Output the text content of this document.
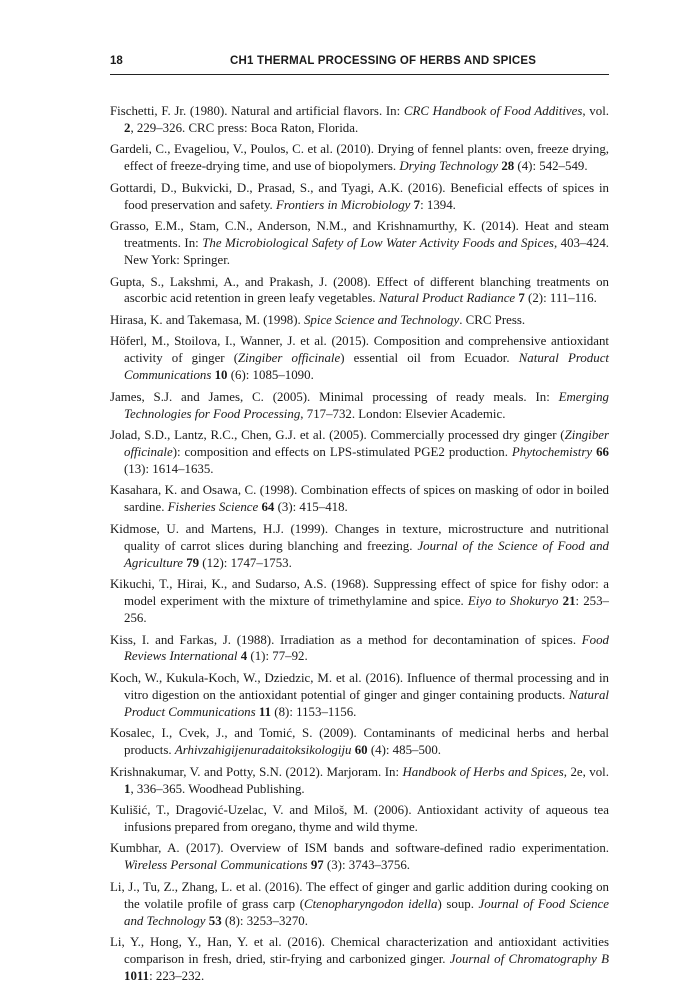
18	CH1 THERMAL PROCESSING OF HERBS AND SPICES

Fischetti, F. Jr. (1980). Natural and artificial flavors. In: CRC Handbook of Food Additives, vol. 2, 229–326. CRC press: Boca Raton, Florida.

Gardeli, C., Evageliou, V., Poulos, C. et al. (2010). Drying of fennel plants: oven, freeze drying, effect of freeze-drying time, and use of biopolymers. Drying Technology 28 (4): 542–549.

Gottardi, D., Bukvicki, D., Prasad, S., and Tyagi, A.K. (2016). Beneficial effects of spices in food preservation and safety. Frontiers in Microbiology 7: 1394.

Grasso, E.M., Stam, C.N., Anderson, N.M., and Krishnamurthy, K. (2014). Heat and steam treatments. In: The Microbiological Safety of Low Water Activity Foods and Spices, 403–424. New York: Springer.

Gupta, S., Lakshmi, A., and Prakash, J. (2008). Effect of different blanching treatments on ascorbic acid retention in green leafy vegetables. Natural Product Radiance 7 (2): 111–116.

Hirasa, K. and Takemasa, M. (1998). Spice Science and Technology. CRC Press.

Höferl, M., Stoilova, I., Wanner, J. et al. (2015). Composition and comprehensive antioxidant activity of ginger (Zingiber officinale) essential oil from Ecuador. Natural Product Communications 10 (6): 1085–1090.

James, S.J. and James, C. (2005). Minimal processing of ready meals. In: Emerging Technologies for Food Processing, 717–732. London: Elsevier Academic.

Jolad, S.D., Lantz, R.C., Chen, G.J. et al. (2005). Commercially processed dry ginger (Zingiber officinale): composition and effects on LPS-stimulated PGE2 production. Phytochemistry 66 (13): 1614–1635.

Kasahara, K. and Osawa, C. (1998). Combination effects of spices on masking of odor in boiled sardine. Fisheries Science 64 (3): 415–418.

Kidmose, U. and Martens, H.J. (1999). Changes in texture, microstructure and nutritional quality of carrot slices during blanching and freezing. Journal of the Science of Food and Agriculture 79 (12): 1747–1753.

Kikuchi, T., Hirai, K., and Sudarso, A.S. (1968). Suppressing effect of spice for fishy odor: a model experiment with the mixture of trimethylamine and spice. Eiyo to Shokuryo 21: 253–256.

Kiss, I. and Farkas, J. (1988). Irradiation as a method for decontamination of spices. Food Reviews International 4 (1): 77–92.

Koch, W., Kukula-Koch, W., Dziedzic, M. et al. (2016). Influence of thermal processing and in vitro digestion on the antioxidant potential of ginger and ginger containing products. Natural Product Communications 11 (8): 1153–1156.

Kosalec, I., Cvek, J., and Tomić, S. (2009). Contaminants of medicinal herbs and herbal products. Arhivzahigijenuradaitoksikologiju 60 (4): 485–500.

Krishnakumar, V. and Potty, S.N. (2012). Marjoram. In: Handbook of Herbs and Spices, 2e, vol. 1, 336–365. Woodhead Publishing.

Kulišić, T., Dragović-Uzelac, V. and Miloš, M. (2006). Antioxidant activity of aqueous tea infusions prepared from oregano, thyme and wild thyme.

Kumbhar, A. (2017). Overview of ISM bands and software-defined radio experimentation. Wireless Personal Communications 97 (3): 3743–3756.

Li, J., Tu, Z., Zhang, L. et al. (2016). The effect of ginger and garlic addition during cooking on the volatile profile of grass carp (Ctenopharyngodon idella) soup. Journal of Food Science and Technology 53 (8): 3253–3270.

Li, Y., Hong, Y., Han, Y. et al. (2016). Chemical characterization and antioxidant activities comparison in fresh, dried, stir-frying and carbonized ginger. Journal of Chromatography B 1011: 223–232.
